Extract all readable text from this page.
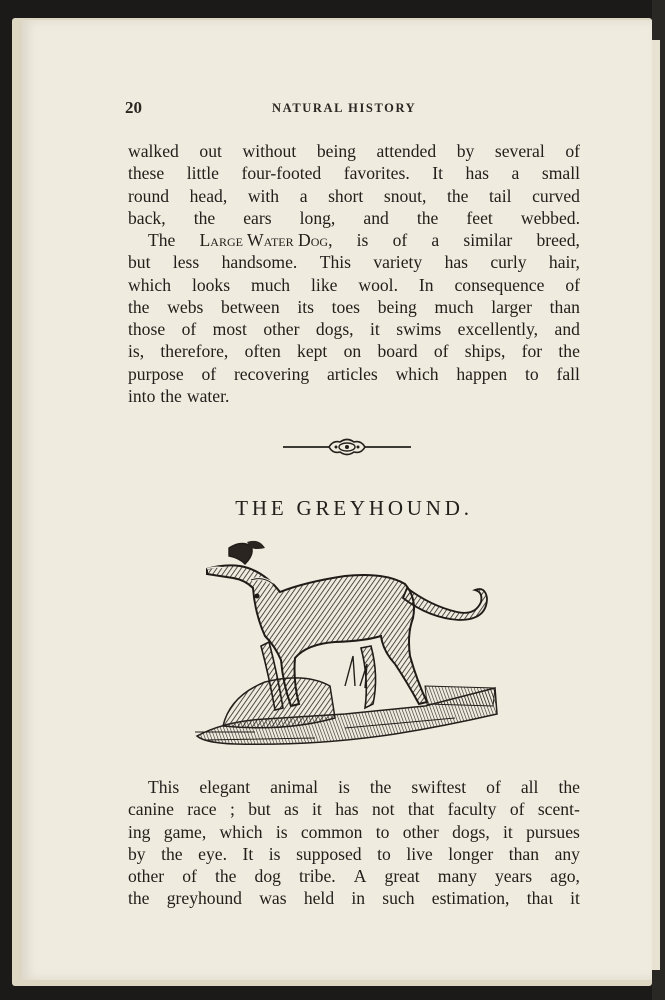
20	NATURAL HISTORY
walked out without being attended by several of
these little four-footed favorites. It has a small
round head, with a short snout, the tail curved
back, the ears long, and the feet webbed.
The Large Water Dog, is of a similar breed,
but less handsome. This variety has curly hair,
which looks much like wool. In consequence of
the webs between its toes being much larger than
those of most other dogs, it swims excellently, and
is, therefore, often kept on board of ships, for the
purpose of recovering articles which happen to fall
into the water.
THE GREYHOUND.
This elegant animal is the swiftest of all the
canine race ; but as it has not that faculty of scent-
ing game, which is common to other dogs, it pursues
by the eye. It is supposed to live longer than any
other of the dog tribe. A great many years ago,
the greyhound was held in such estimation, thaɩ it
